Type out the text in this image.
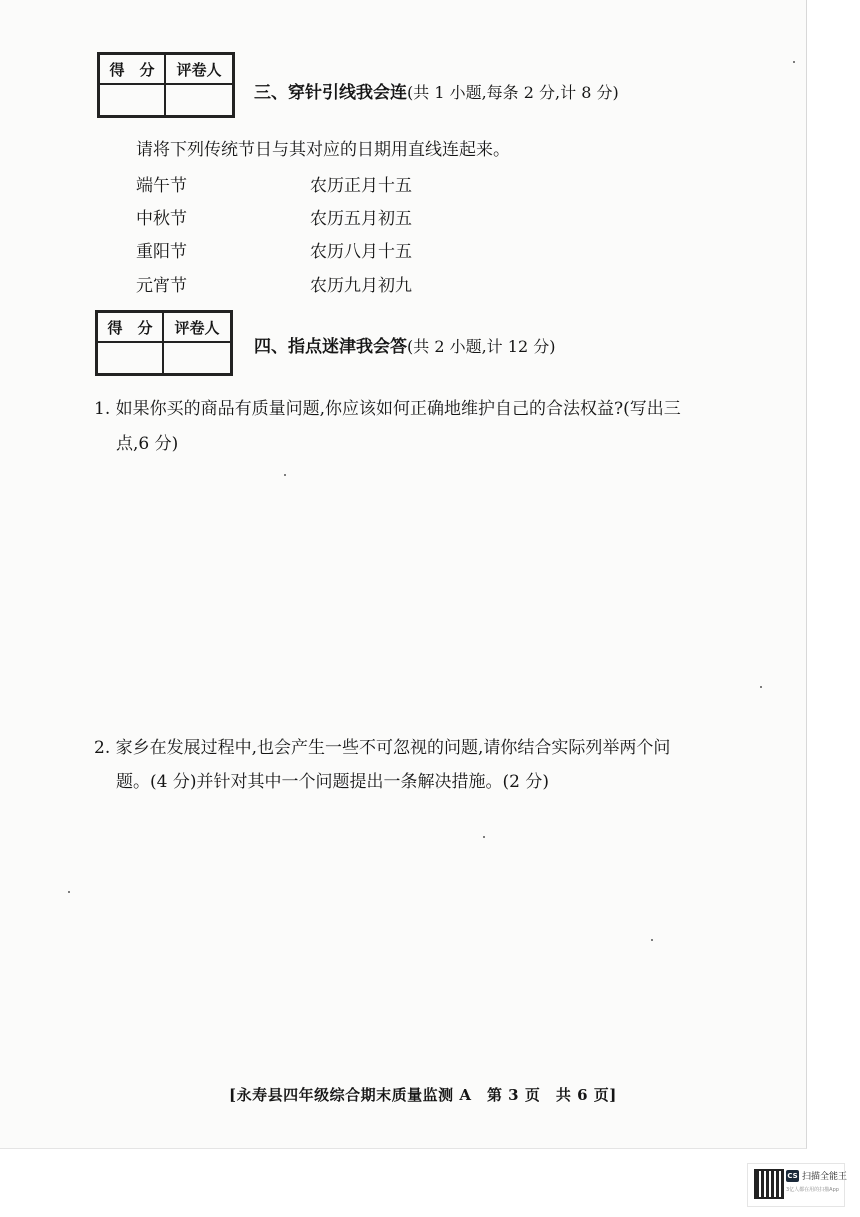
得　分	评卷人
三、穿针引线我会连(共 1 小题,每条 2 分,计 8 分)
请将下列传统节日与其对应的日期用直线连起来。
端午节	农历正月十五
中秋节	农历五月初五
重阳节	农历八月十五
元宵节	农历九月初九
得　分	评卷人
四、指点迷津我会答(共 2 小题,计 12 分)
1. 如果你买的商品有质量问题,你应该如何正确地维护自己的合法权益?(写出三
点,6 分)
2. 家乡在发展过程中,也会产生一些不可忽视的问题,请你结合实际列举两个问
题。(4 分)并针对其中一个问题提出一条解决措施。(2 分)
[永寿县四年级综合期末质量监测 A　第 3 页　共 6 页]
CS 扫描全能王
3亿人都在用的扫描App
